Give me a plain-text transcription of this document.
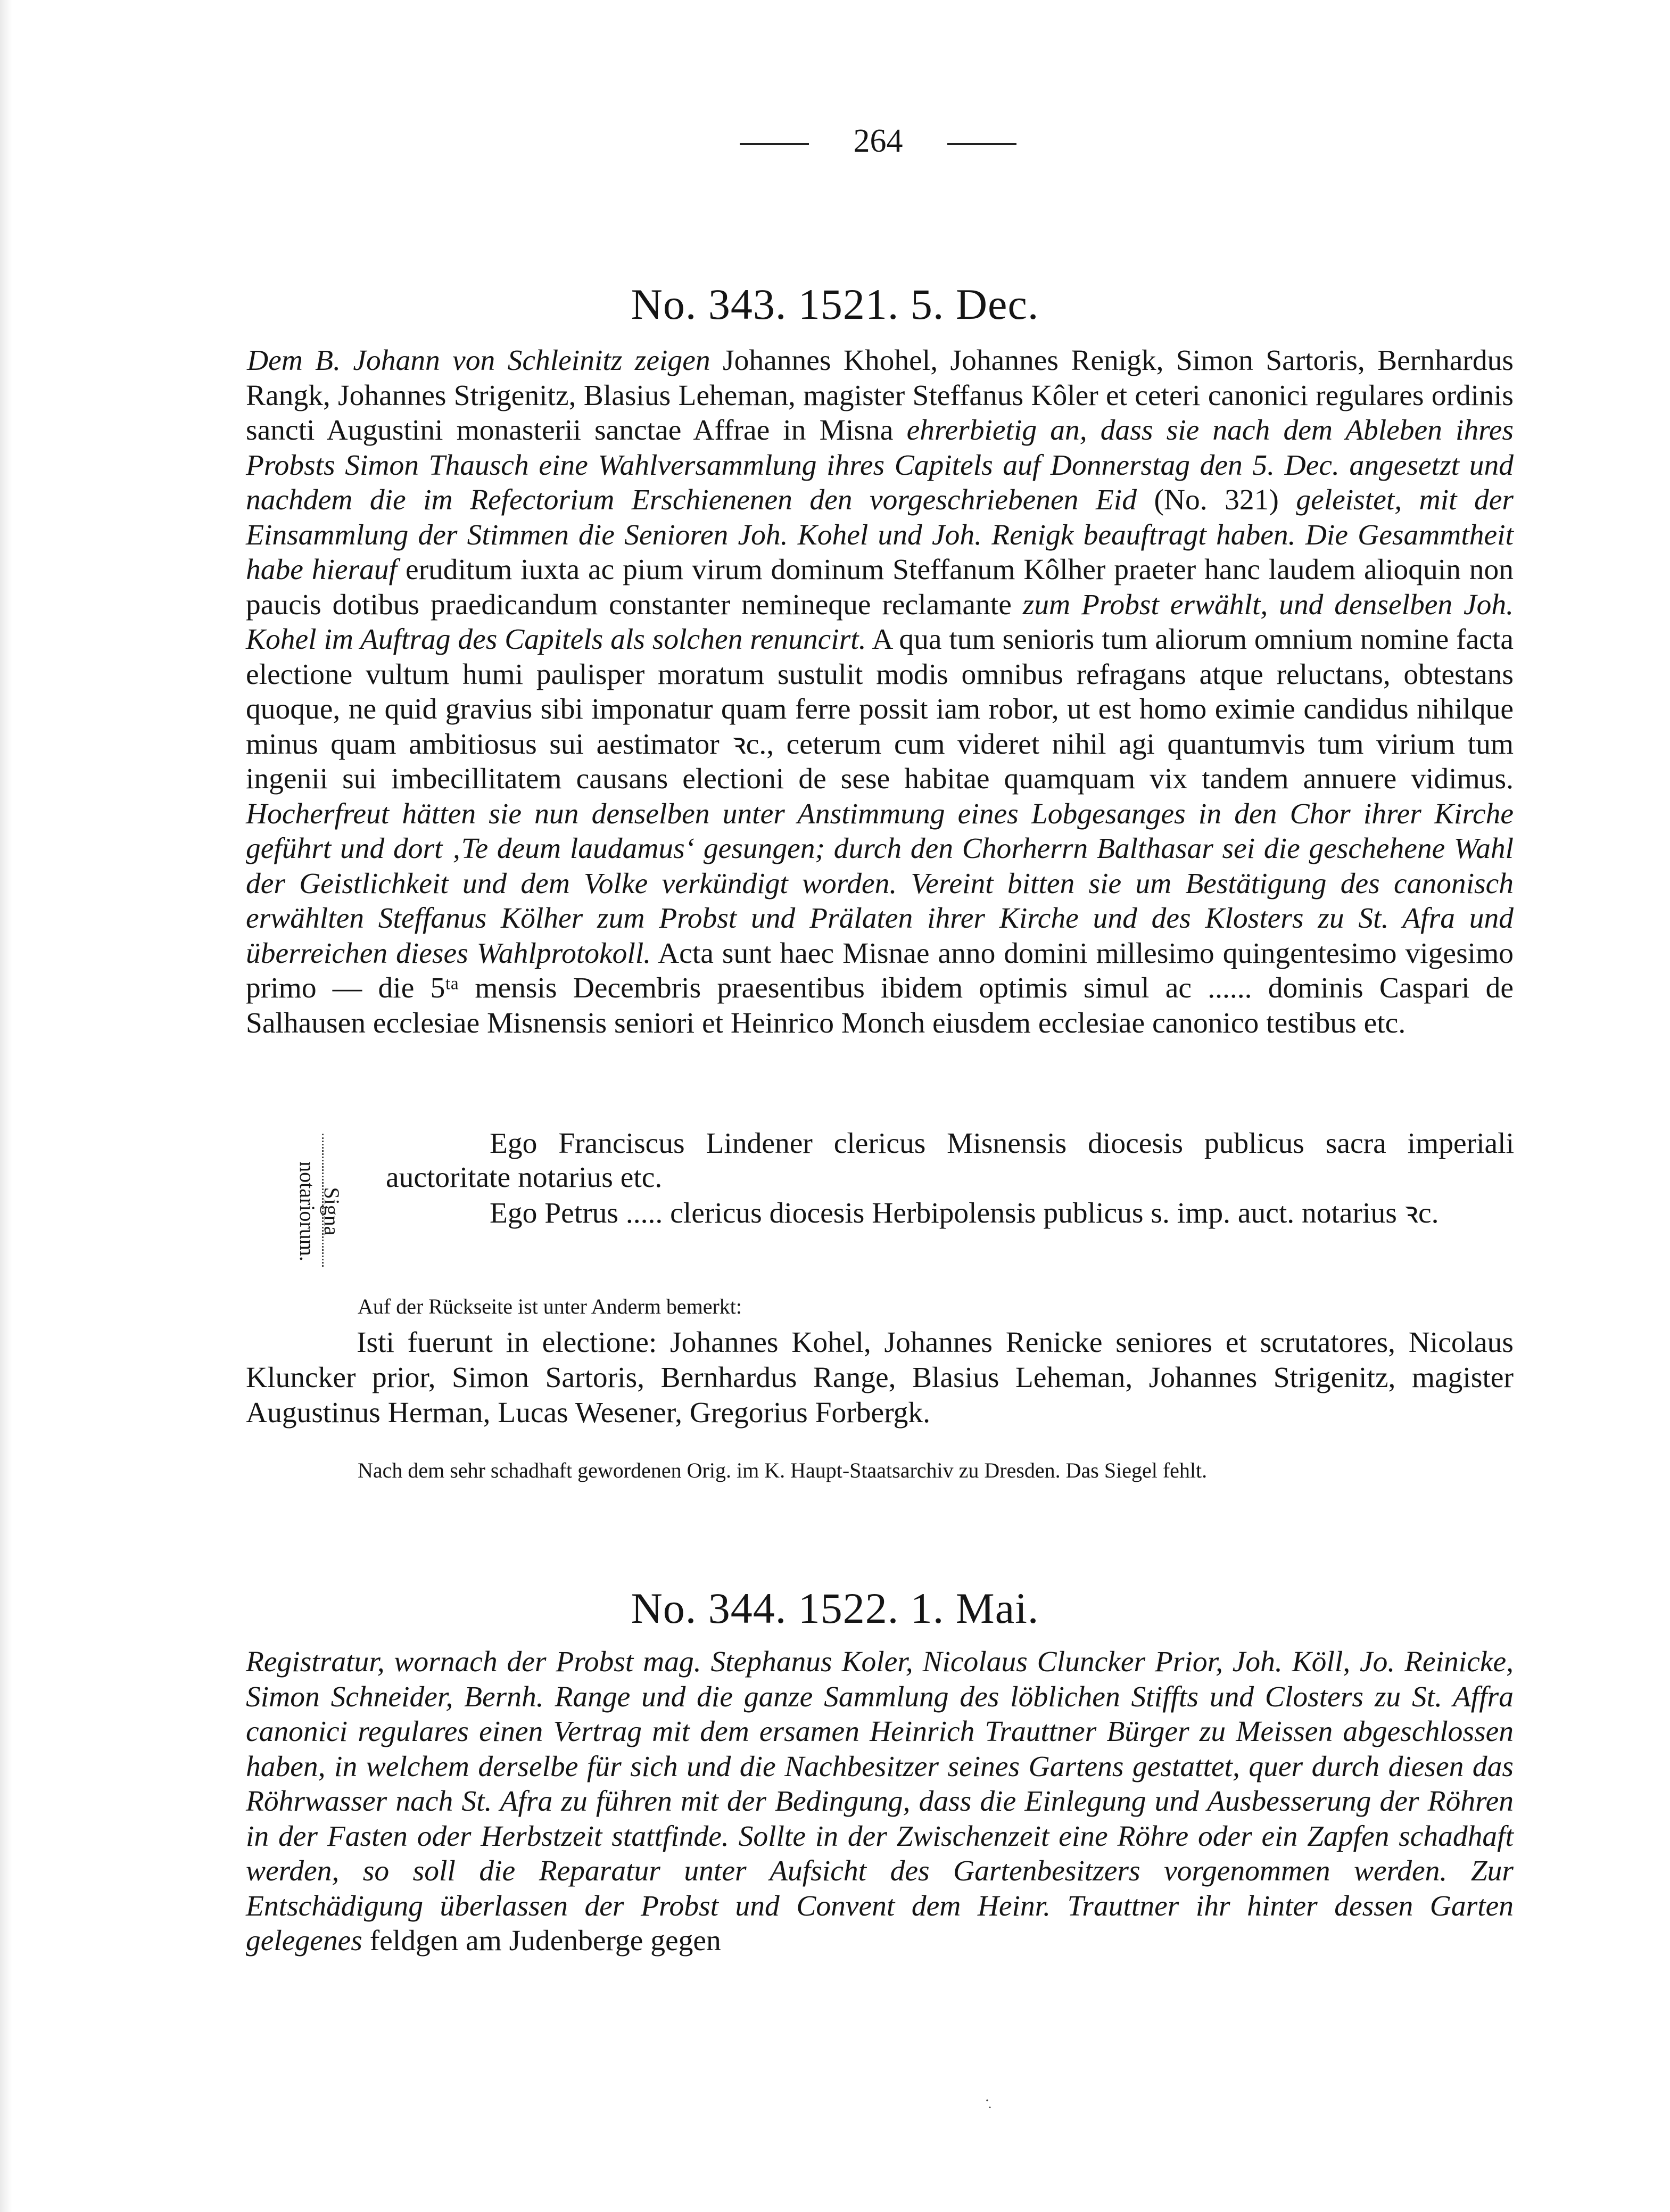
264
No. 343. 1521. 5. Dec.
Dem B. Johann von Schleinitz zeigen Johannes Khohel, Johannes Renigk, Simon Sartoris, Bernhardus Rangk, Johannes Strigenitz, Blasius Leheman, magister Steffanus Kôler et ceteri canonici regulares ordinis sancti Augustini monasterii sanctae Affrae in Misna ehrerbietig an, dass sie nach dem Ableben ihres Probsts Simon Thausch eine Wahlversammlung ihres Capitels auf Donnerstag den 5. Dec. angesetzt und nachdem die im Refectorium Erschienenen den vorgeschriebenen Eid (No. 321) geleistet, mit der Einsammlung der Stimmen die Senioren Joh. Kohel und Joh. Renigk beauftragt haben. Die Gesammtheit habe hierauf eruditum iuxta ac pium virum dominum Steffanum Kôlher praeter hanc laudem alioquin non paucis dotibus praedicandum constanter nemineque reclamante zum Probst erwählt, und denselben Joh. Kohel im Auftrag des Capitels als solchen renuncirt. A qua tum senioris tum aliorum omnium nomine facta electione vultum humi paulisper moratum sustulit modis omnibus refragans atque reluctans, obtestans quoque, ne quid gravius sibi imponatur quam ferre possit iam robor, ut est homo eximie candidus nihilque minus quam ambitiosus sui aestimator ꝛc., ceterum cum videret nihil agi quantumvis tum virium tum ingenii sui imbecillitatem causans electioni de sese habitae quamquam vix tandem annuere vidimus. Hocherfreut hätten sie nun denselben unter Anstimmung eines Lobgesanges in den Chor ihrer Kirche geführt und dort ‚Te deum laudamus‘ gesungen; durch den Chorherrn Balthasar sei die geschehene Wahl der Geistlichkeit und dem Volke verkündigt worden. Vereint bitten sie um Bestätigung des canonisch erwählten Steffanus Kölher zum Probst und Prälaten ihrer Kirche und des Klosters zu St. Afra und überreichen dieses Wahlprotokoll. Acta sunt haec Misnae anno domini millesimo quingentesimo vigesimo primo — die 5ᵗᵃ mensis Decembris praesentibus ibidem optimis simul ac ...... dominis Caspari de Salhausen ecclesiae Misnensis seniori et Heinrico Monch eiusdem ecclesiae canonico testibus etc.
Signa notariorum.
Ego Franciscus Lindener clericus Misnensis diocesis publicus sacra imperiali auctoritate notarius etc.
Ego Petrus ..... clericus diocesis Herbipolensis publicus s. imp. auct. notarius ꝛc.
Auf der Rückseite ist unter Anderm bemerkt:
Isti fuerunt in electione: Johannes Kohel, Johannes Renicke seniores et scrutatores, Nicolaus Kluncker prior, Simon Sartoris, Bernhardus Range, Blasius Leheman, Johannes Strigenitz, magister Augustinus Herman, Lucas Wesener, Gregorius Forbergk.
Nach dem sehr schadhaft gewordenen Orig. im K. Haupt-Staatsarchiv zu Dresden. Das Siegel fehlt.
No. 344. 1522. 1. Mai.
Registratur, wornach der Probst mag. Stephanus Koler, Nicolaus Cluncker Prior, Joh. Köll, Jo. Reinicke, Simon Schneider, Bernh. Range und die ganze Sammlung des löblichen Stiffts und Closters zu St. Affra canonici regulares einen Vertrag mit dem ersamen Heinrich Trauttner Bürger zu Meissen abgeschlossen haben, in welchem derselbe für sich und die Nachbesitzer seines Gartens gestattet, quer durch diesen das Röhrwasser nach St. Afra zu führen mit der Bedingung, dass die Einlegung und Ausbesserung der Röhren in der Fasten oder Herbstzeit stattfinde. Sollte in der Zwischenzeit eine Röhre oder ein Zapfen schadhaft werden, so soll die Reparatur unter Aufsicht des Gartenbesitzers vorgenommen werden. Zur Entschädigung überlassen der Probst und Convent dem Heinr. Trauttner ihr hinter dessen Garten gelegenes feldgen am Judenberge gegen
·̣
